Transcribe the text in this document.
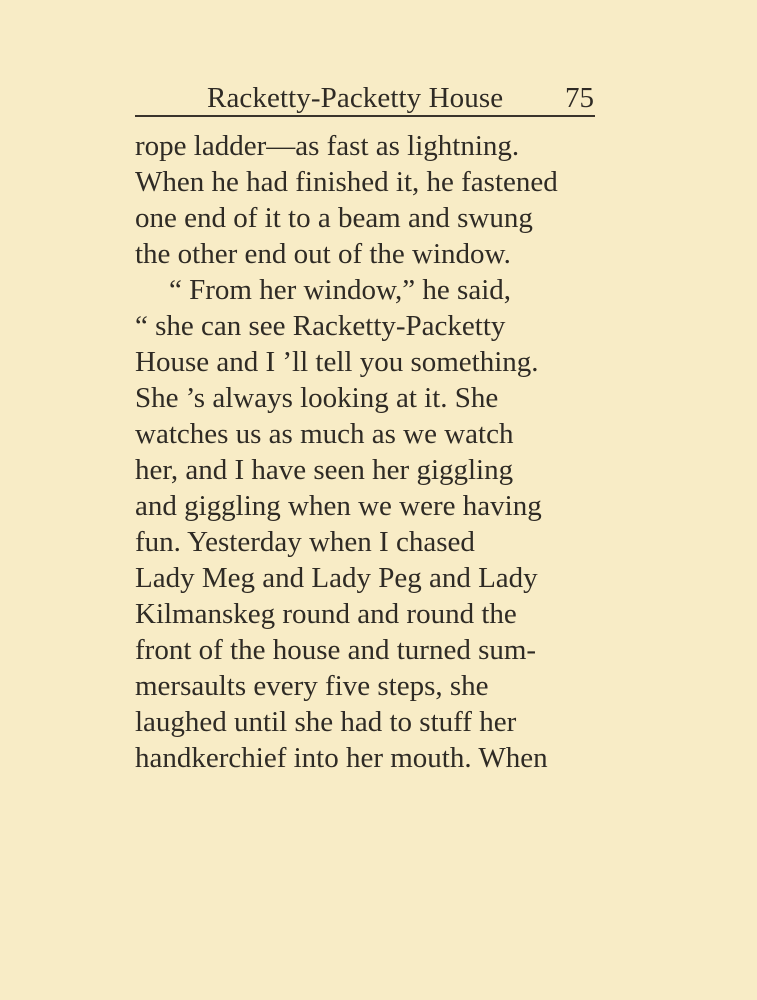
Racketty-Packetty House 75
rope ladder—as fast as lightning.
When he had finished it, he fastened
one end of it to a beam and swung
the other end out of the window.
“ From her window,” he said,
“ she can see Racketty-Packetty
House and I ’ll tell you something.
She ’s always looking at it. She
watches us as much as we watch
her, and I have seen her giggling
and giggling when we were having
fun. Yesterday when I chased
Lady Meg and Lady Peg and Lady
Kilmanskeg round and round the
front of the house and turned sum-
mersaults every five steps, she
laughed until she had to stuff her
handkerchief into her mouth. When
